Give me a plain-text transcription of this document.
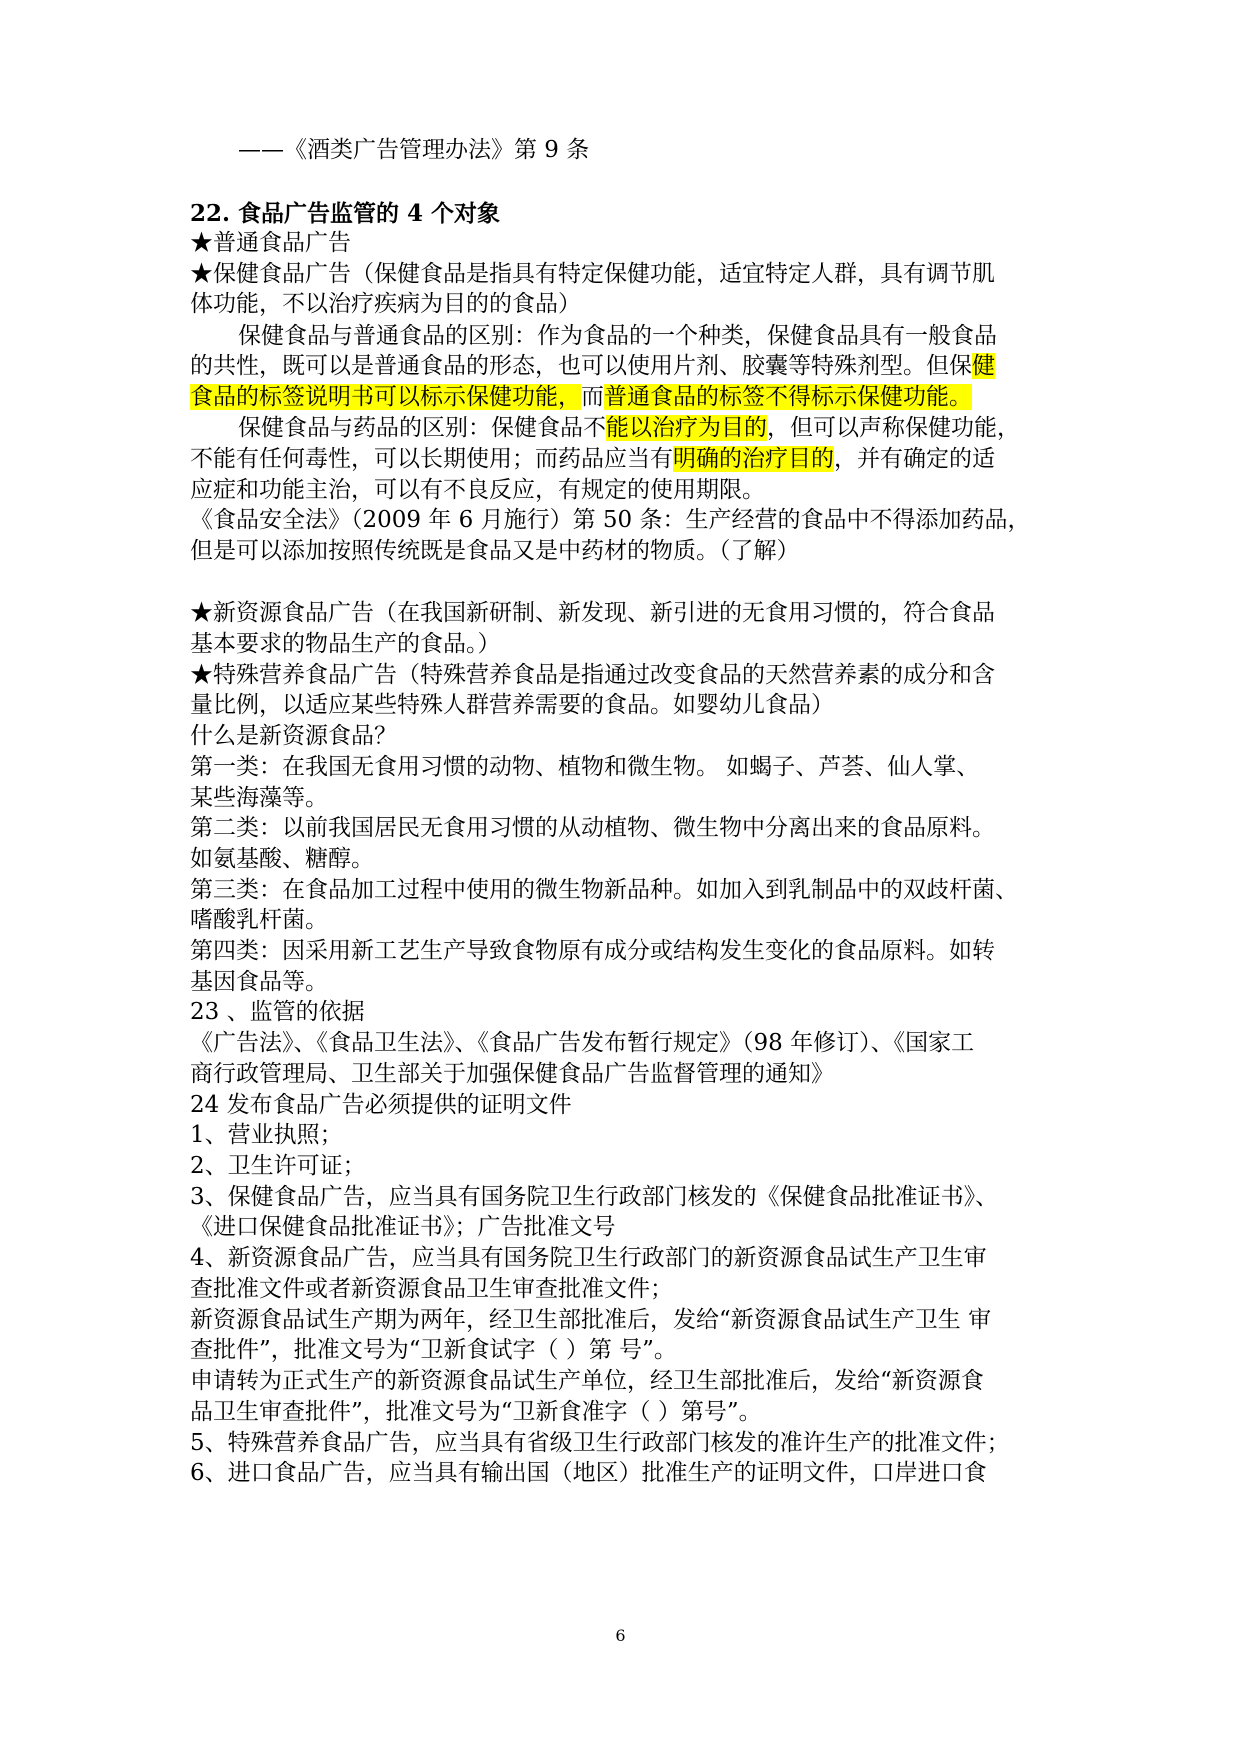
——《酒类广告管理办法》第 9 条
22. 食品广告监管的 4 个对象
★普通食品广告
★保健食品广告（保健食品是指具有特定保健功能，适宜特定人群，具有调节肌
体功能，不以治疗疾病为目的的食品）
保健食品与普通食品的区别：作为食品的一个种类，保健食品具有一般食品
的共性，既可以是普通食品的形态，也可以使用片剂、胶囊等特殊剂型。但保健
食品的标签说明书可以标示保健功能，而普通食品的标签不得标示保健功能。
保健食品与药品的区别：保健食品不能以治疗为目的，但可以声称保健功能，
不能有任何毒性，可以长期使用；而药品应当有明确的治疗目的，并有确定的适
应症和功能主治，可以有不良反应，有规定的使用期限。
《食品安全法》（2009 年 6 月施行）第 50 条：生产经营的食品中不得添加药品，
但是可以添加按照传统既是食品又是中药材的物质。（了解）
★新资源食品广告（在我国新研制、新发现、新引进的无食用习惯的，符合食品
基本要求的物品生产的食品。）
★特殊营养食品广告（特殊营养食品是指通过改变食品的天然营养素的成分和含
量比例，以适应某些特殊人群营养需要的食品。如婴幼儿食品）
什么是新资源食品？
第一类：在我国无食用习惯的动物、植物和微生物。 如蝎子、芦荟、仙人掌、
某些海藻等。
第二类：以前我国居民无食用习惯的从动植物、微生物中分离出来的食品原料。
如氨基酸、糖醇。
第三类：在食品加工过程中使用的微生物新品种。如加入到乳制品中的双歧杆菌、
嗜酸乳杆菌。
第四类：因采用新工艺生产导致食物原有成分或结构发生变化的食品原料。如转
基因食品等。
23 、监管的依据
《广告法》、《食品卫生法》、《食品广告发布暂行规定》（98 年修订）、《国家工
商行政管理局、卫生部关于加强保健食品广告监督管理的通知》
24 发布食品广告必须提供的证明文件
1、营业执照；
2、卫生许可证；
3、保健食品广告，应当具有国务院卫生行政部门核发的《保健食品批准证书》、
《进口保健食品批准证书》；广告批准文号
4、新资源食品广告，应当具有国务院卫生行政部门的新资源食品试生产卫生审
查批准文件或者新资源食品卫生审查批准文件；
新资源食品试生产期为两年，经卫生部批准后，发给“新资源食品试生产卫生 审
查批件”，批准文号为“卫新食试字（ ）第 号”。
申请转为正式生产的新资源食品试生产单位，经卫生部批准后，发给“新资源食
品卫生审查批件”，批准文号为“卫新食准字（ ）第号”。
5、特殊营养食品广告，应当具有省级卫生行政部门核发的准许生产的批准文件；
6、进口食品广告，应当具有输出国（地区）批准生产的证明文件，口岸进口食
6
